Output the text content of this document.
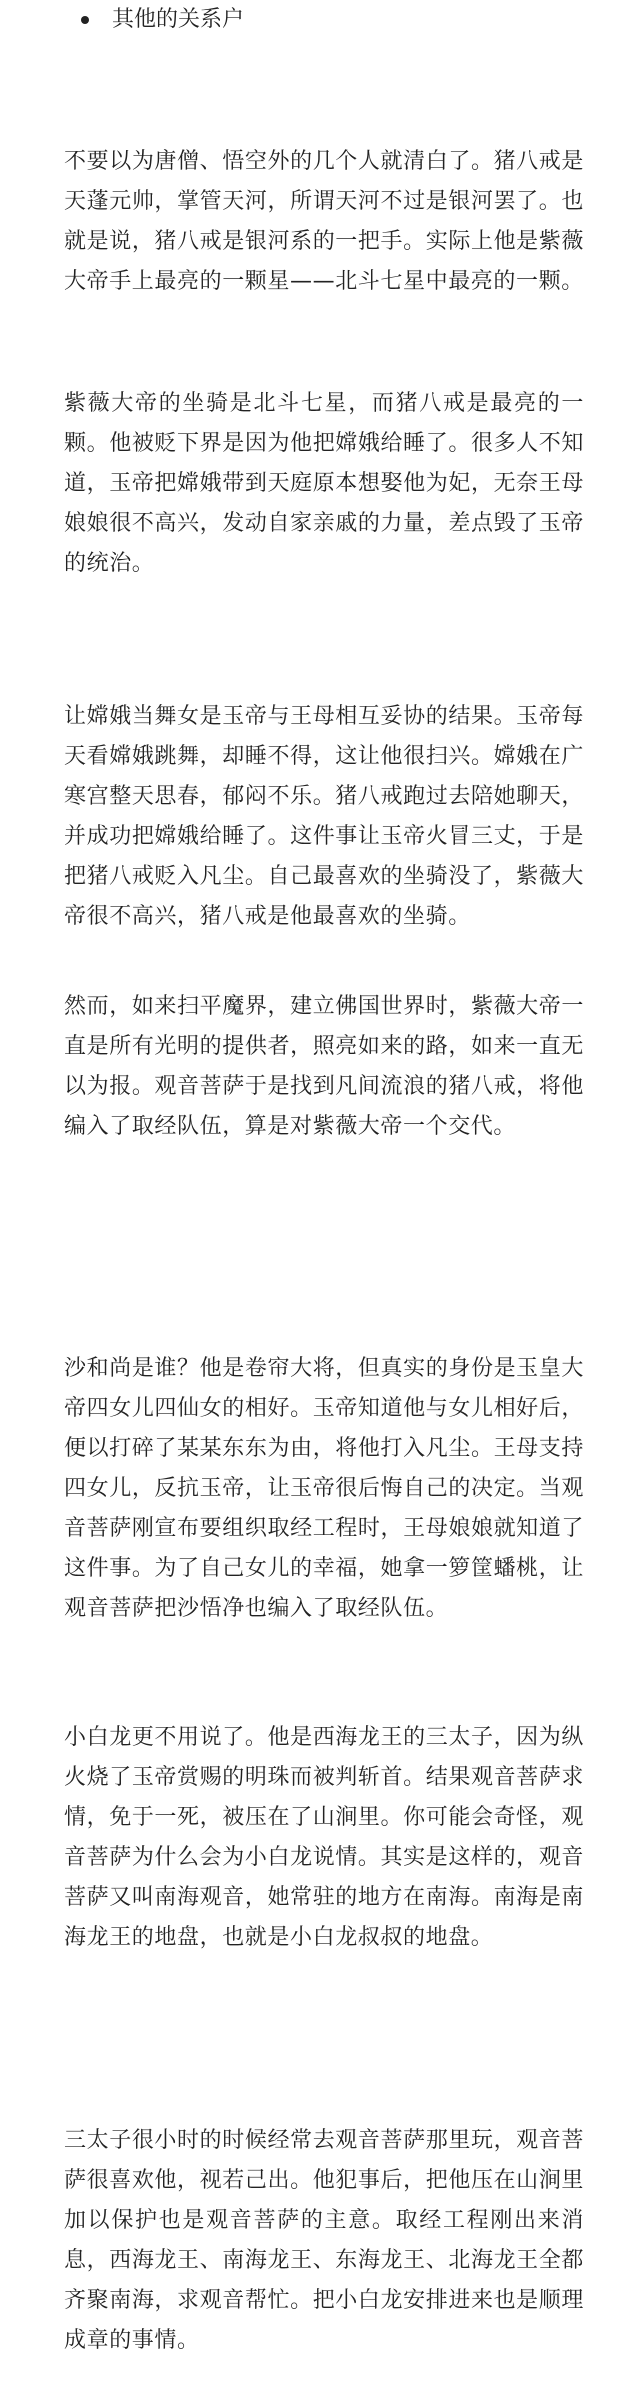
其他的关系户

不要以为唐僧、悟空外的几个人就清白了。猪八戒是天蓬元帅，掌管天河，所谓天河不过是银河罢了。也就是说，猪八戒是银河系的一把手。实际上他是紫薇大帝手上最亮的一颗星——北斗七星中最亮的一颗。

紫薇大帝的坐骑是北斗七星，而猪八戒是最亮的一颗。他被贬下界是因为他把嫦娥给睡了。很多人不知道，玉帝把嫦娥带到天庭原本想娶他为妃，无奈王母娘娘很不高兴，发动自家亲戚的力量，差点毁了玉帝的统治。

让嫦娥当舞女是玉帝与王母相互妥协的结果。玉帝每天看嫦娥跳舞，却睡不得，这让他很扫兴。嫦娥在广寒宫整天思春，郁闷不乐。猪八戒跑过去陪她聊天，并成功把嫦娥给睡了。这件事让玉帝火冒三丈，于是把猪八戒贬入凡尘。自己最喜欢的坐骑没了，紫薇大帝很不高兴，猪八戒是他最喜欢的坐骑。

然而，如来扫平魔界，建立佛国世界时，紫薇大帝一直是所有光明的提供者，照亮如来的路，如来一直无以为报。观音菩萨于是找到凡间流浪的猪八戒，将他编入了取经队伍，算是对紫薇大帝一个交代。

沙和尚是谁？他是卷帘大将，但真实的身份是玉皇大帝四女儿四仙女的相好。玉帝知道他与女儿相好后，便以打碎了某某东东为由，将他打入凡尘。王母支持四女儿，反抗玉帝，让玉帝很后悔自己的决定。当观音菩萨刚宣布要组织取经工程时，王母娘娘就知道了这件事。为了自己女儿的幸福，她拿一箩筐蟠桃，让观音菩萨把沙悟净也编入了取经队伍。

小白龙更不用说了。他是西海龙王的三太子，因为纵火烧了玉帝赏赐的明珠而被判斩首。结果观音菩萨求情，免于一死，被压在了山涧里。你可能会奇怪，观音菩萨为什么会为小白龙说情。其实是这样的，观音菩萨又叫南海观音，她常驻的地方在南海。南海是南海龙王的地盘，也就是小白龙叔叔的地盘。

三太子很小时的时候经常去观音菩萨那里玩，观音菩萨很喜欢他，视若己出。他犯事后，把他压在山涧里加以保护也是观音菩萨的主意。取经工程刚出来消息，西海龙王、南海龙王、东海龙王、北海龙王全都齐聚南海，求观音帮忙。把小白龙安排进来也是顺理成章的事情。
